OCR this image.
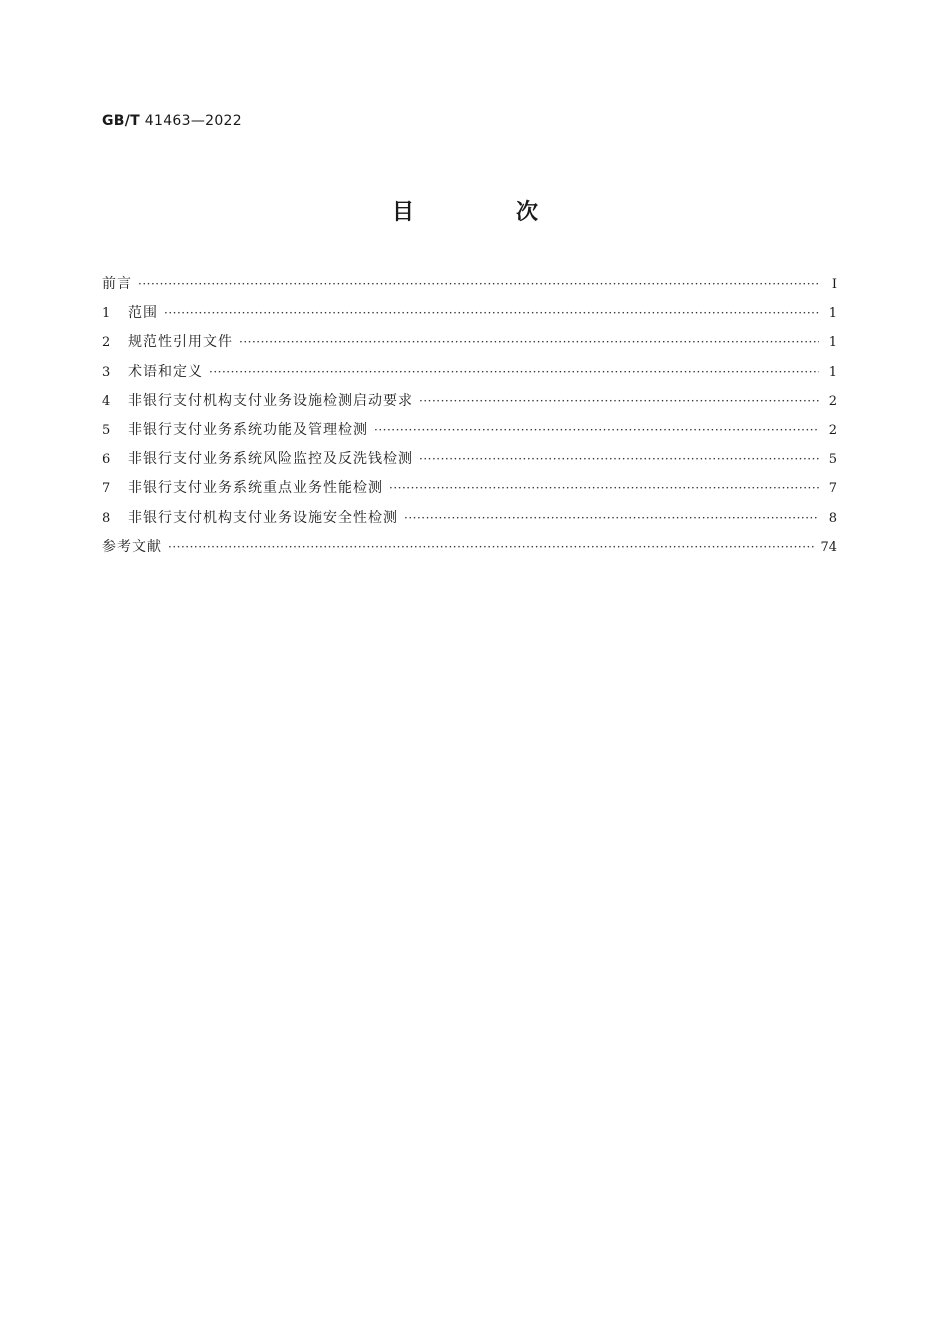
GB/T 41463—2022
目　次
前言 ·····	Ⅰ
1	范围 ·····	1
2	规范性引用文件 ·····	1
3	术语和定义 ·····	1
4	非银行支付机构支付业务设施检测启动要求 ·····	2
5	非银行支付业务系统功能及管理检测 ·····	2
6	非银行支付业务系统风险监控及反洗钱检测 ·····	5
7	非银行支付业务系统重点业务性能检测 ·····	7
8	非银行支付机构支付业务设施安全性检测 ·····	8
参考文献 ·····	74
